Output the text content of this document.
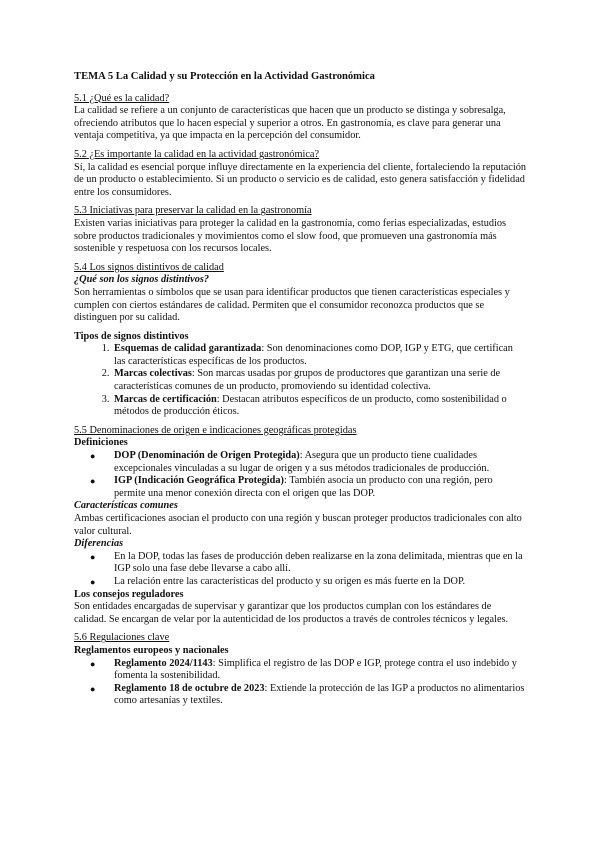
TEMA 5 La Calidad y su Protección en la Actividad Gastronómica
5.1 ¿Qué es la calidad?

La calidad se refiere a un conjunto de características que hacen que un producto se distinga y sobresalga, ofreciendo atributos que lo hacen especial y superior a otros. En gastronomía, es clave para generar una ventaja competitiva, ya que impacta en la percepción del consumidor.

5.2 ¿Es importante la calidad en la actividad gastronómica?

Sí, la calidad es esencial porque influye directamente en la experiencia del cliente, fortaleciendo la reputación de un producto o establecimiento. Si un producto o servicio es de calidad, esto genera satisfacción y fidelidad entre los consumidores.

5.3 Iniciativas para preservar la calidad en la gastronomía

Existen varias iniciativas para proteger la calidad en la gastronomía, como ferias especializadas, estudios sobre productos tradicionales y movimientos como el slow food, que promueven una gastronomía más sostenible y respetuosa con los recursos locales.

5.4 Los signos distintivos de calidad
¿Qué son los signos distintivos?

Son herramientas o símbolos que se usan para identificar productos que tienen características especiales y cumplen con ciertos estándares de calidad. Permiten que el consumidor reconozca productos que se distinguen por su calidad.

Tipos de signos distintivos
1. Esquemas de calidad garantizada: Son denominaciones como DOP, IGP y ETG, que certifican las características específicas de los productos.
2. Marcas colectivas: Son marcas usadas por grupos de productores que garantizan una serie de características comunes de un producto, promoviendo su identidad colectiva.
3. Marcas de certificación: Destacan atributos específicos de un producto, como sostenibilidad o métodos de producción éticos.
5.5 Denominaciones de origen e indicaciones geográficas protegidas
Definiciones
● DOP (Denominación de Origen Protegida): Asegura que un producto tiene cualidades excepcionales vinculadas a su lugar de origen y a sus métodos tradicionales de producción.
● IGP (Indicación Geográfica Protegida): También asocia un producto con una región, pero permite una menor conexión directa con el origen que las DOP.
Características comunes

Ambas certificaciones asocian el producto con una región y buscan proteger productos tradicionales con alto valor cultural.

Diferencias
● En la DOP, todas las fases de producción deben realizarse en la zona delimitada, mientras que en la IGP solo una fase debe llevarse a cabo allí.
● La relación entre las características del producto y su origen es más fuerte en la DOP.
Los consejos reguladores

Son entidades encargadas de supervisar y garantizar que los productos cumplan con los estándares de calidad. Se encargan de velar por la autenticidad de los productos a través de controles técnicos y legales.

5.6 Regulaciones clave
Reglamentos europeos y nacionales
● Reglamento 2024/1143: Simplifica el registro de las DOP e IGP, protege contra el uso indebido y fomenta la sostenibilidad.
● Reglamento 18 de octubre de 2023: Extiende la protección de las IGP a productos no alimentarios como artesanías y textiles.
